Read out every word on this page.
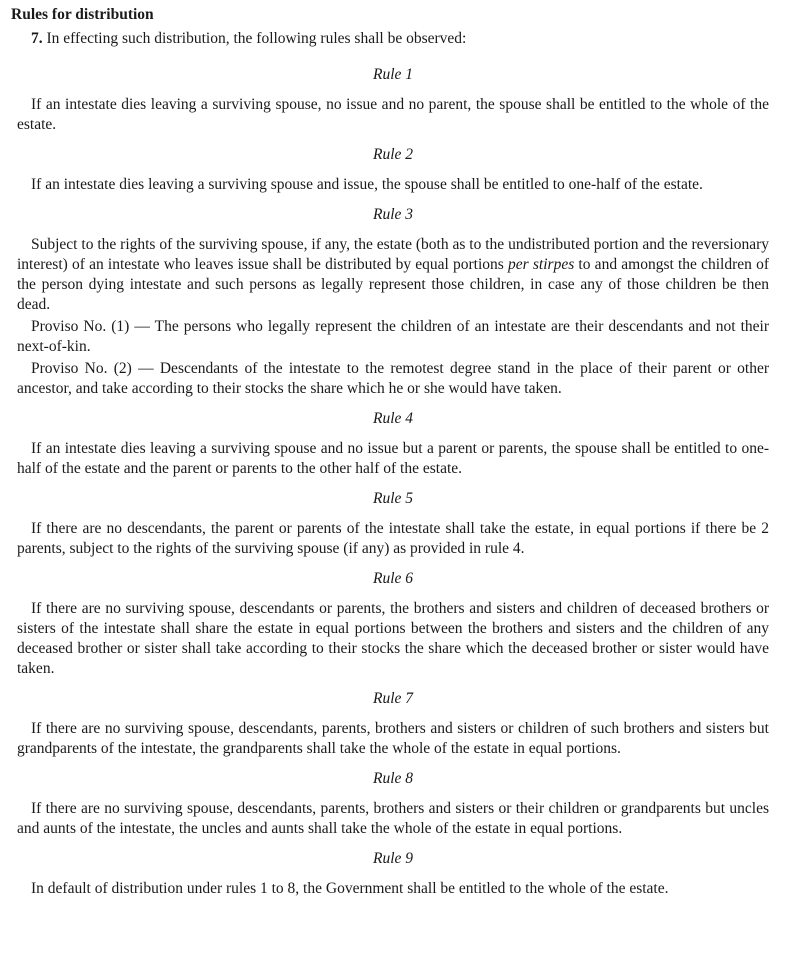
Rules for distribution

7. In effecting such distribution, the following rules shall be observed:

Rule 1

If an intestate dies leaving a surviving spouse, no issue and no parent, the spouse shall be entitled to the whole of the estate.

Rule 2

If an intestate dies leaving a surviving spouse and issue, the spouse shall be entitled to one-half of the estate.

Rule 3

Subject to the rights of the surviving spouse, if any, the estate (both as to the undistributed portion and the reversionary interest) of an intestate who leaves issue shall be distributed by equal portions per stirpes to and amongst the children of the person dying intestate and such persons as legally represent those children, in case any of those children be then dead.

Proviso No. (1) — The persons who legally represent the children of an intestate are their descendants and not their next-of-kin.

Proviso No. (2) — Descendants of the intestate to the remotest degree stand in the place of their parent or other ancestor, and take according to their stocks the share which he or she would have taken.

Rule 4

If an intestate dies leaving a surviving spouse and no issue but a parent or parents, the spouse shall be entitled to one-half of the estate and the parent or parents to the other half of the estate.

Rule 5

If there are no descendants, the parent or parents of the intestate shall take the estate, in equal portions if there be 2 parents, subject to the rights of the surviving spouse (if any) as provided in rule 4.

Rule 6

If there are no surviving spouse, descendants or parents, the brothers and sisters and children of deceased brothers or sisters of the intestate shall share the estate in equal portions between the brothers and sisters and the children of any deceased brother or sister shall take according to their stocks the share which the deceased brother or sister would have taken.

Rule 7

If there are no surviving spouse, descendants, parents, brothers and sisters or children of such brothers and sisters but grandparents of the intestate, the grandparents shall take the whole of the estate in equal portions.

Rule 8

If there are no surviving spouse, descendants, parents, brothers and sisters or their children or grandparents but uncles and aunts of the intestate, the uncles and aunts shall take the whole of the estate in equal portions.

Rule 9

In default of distribution under rules 1 to 8, the Government shall be entitled to the whole of the estate.
